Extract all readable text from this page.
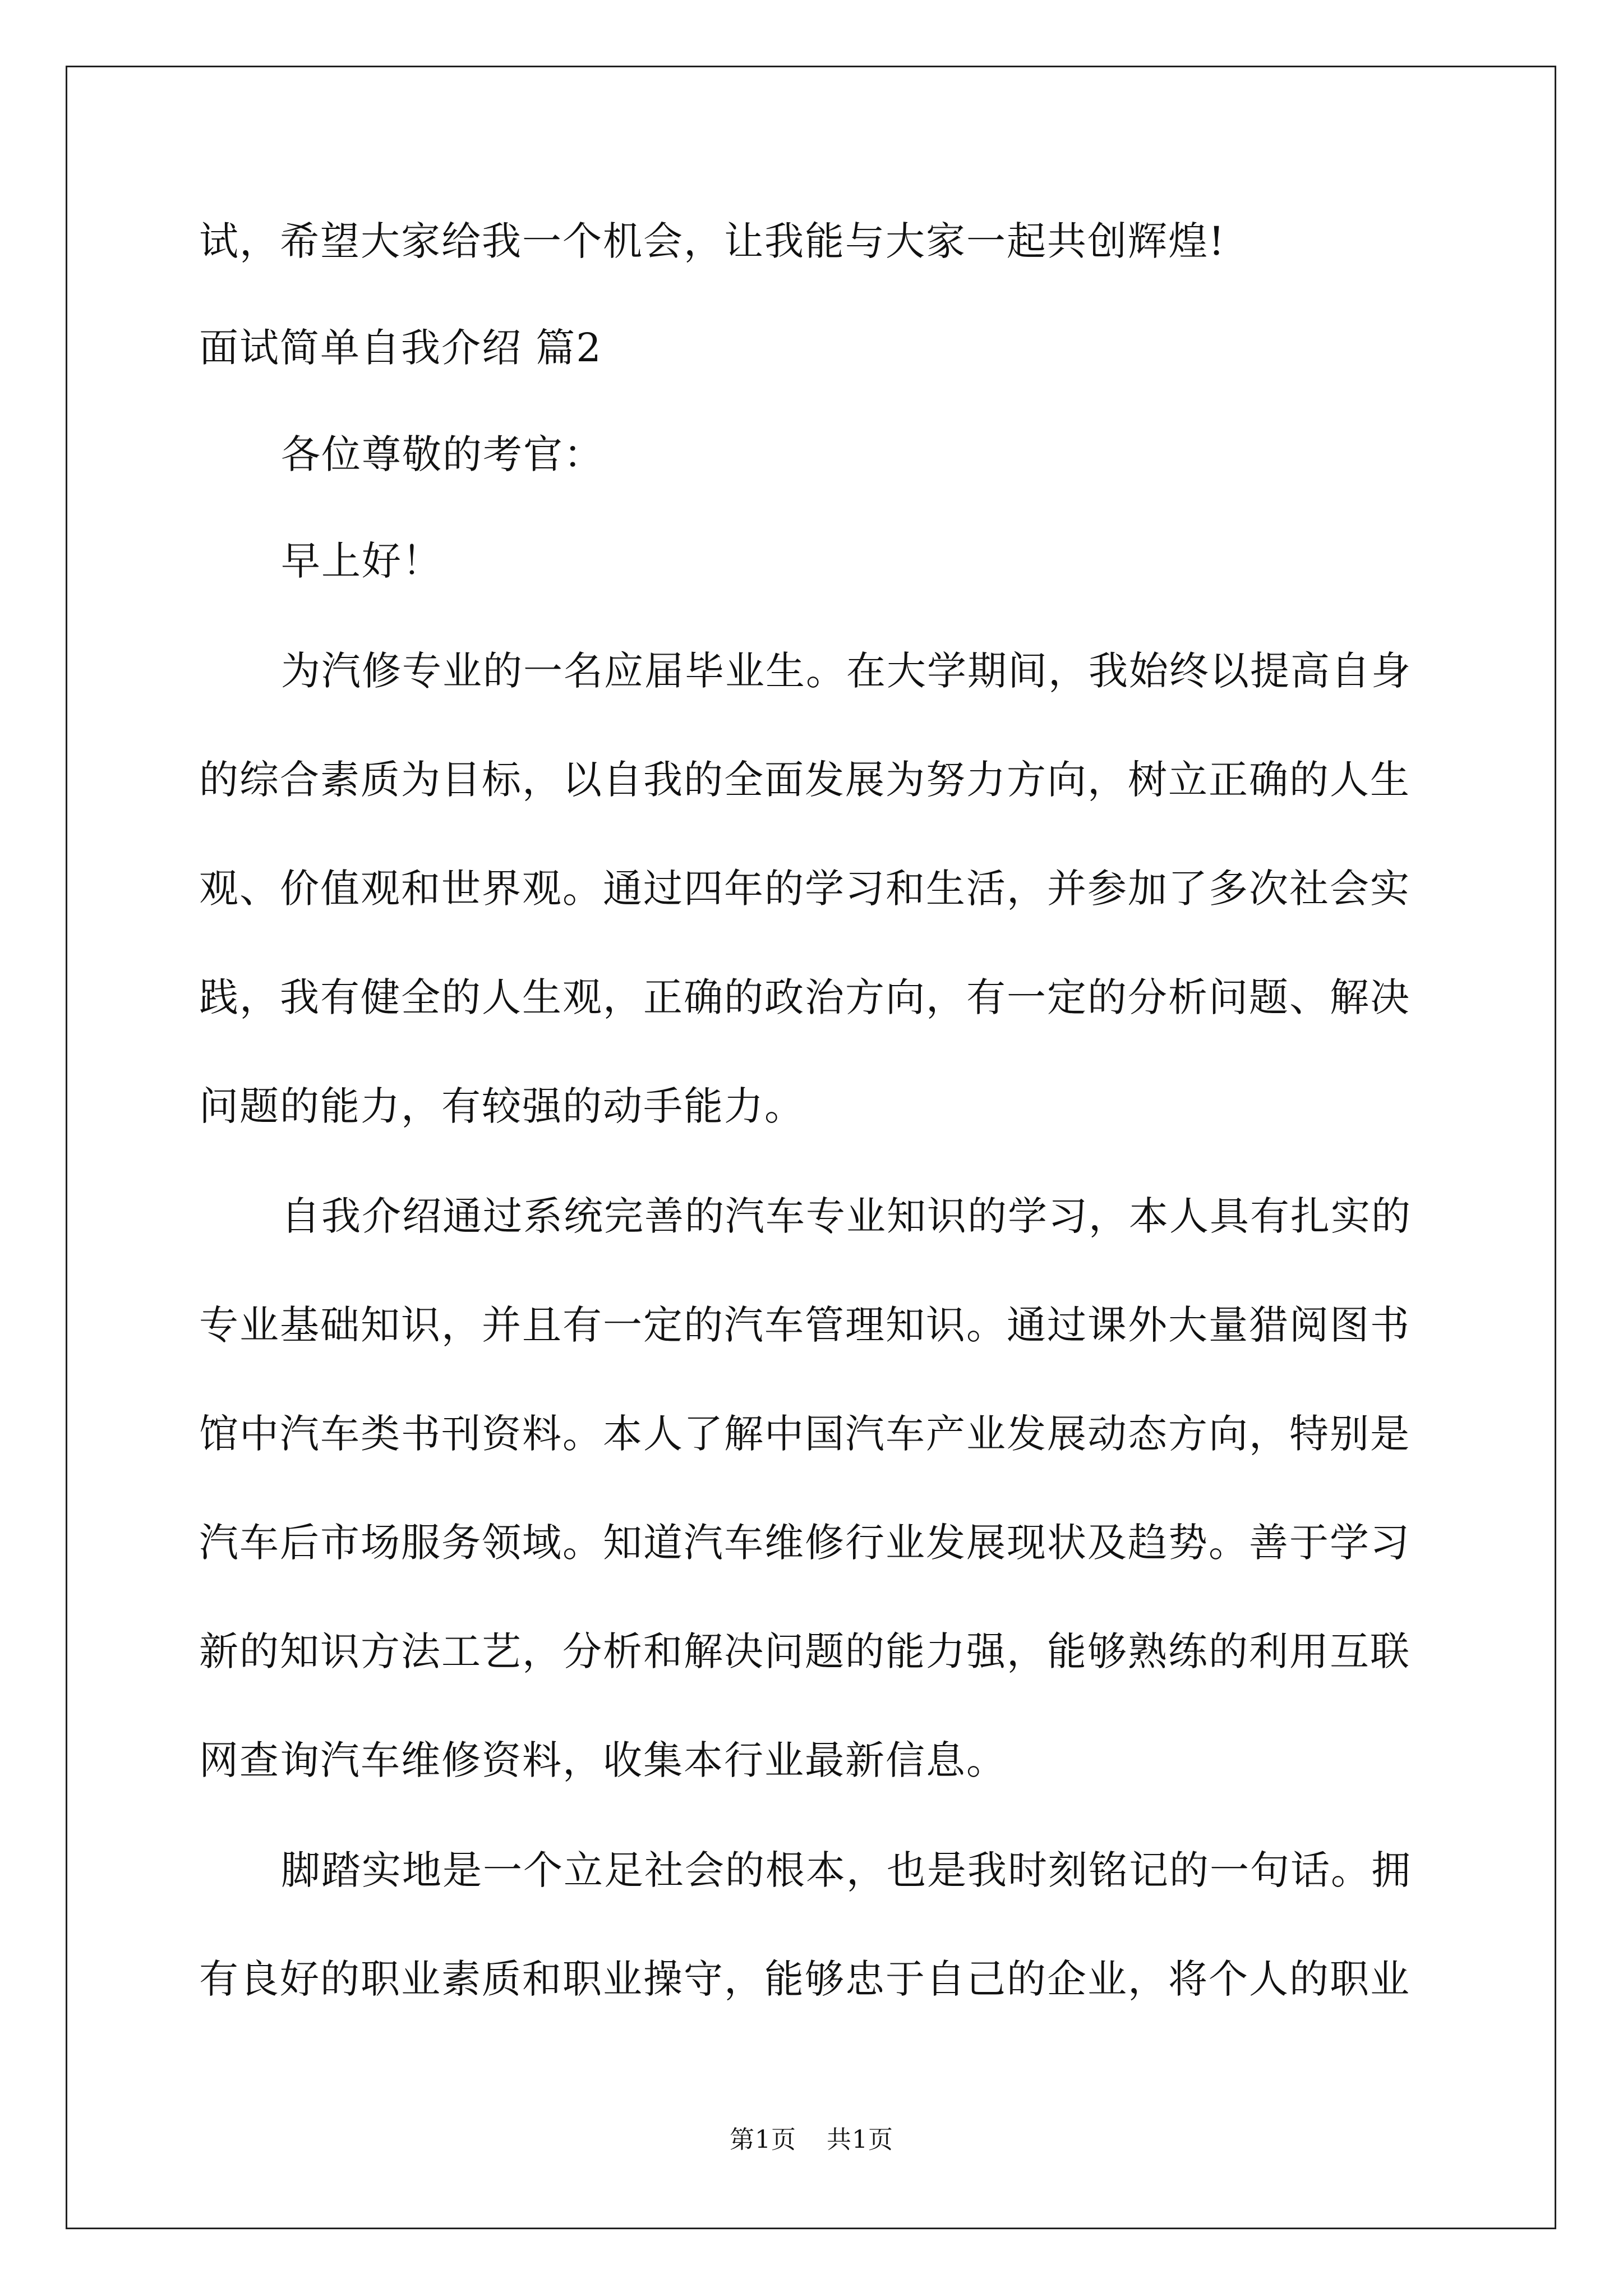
试，希望大家给我一个机会，让我能与大家一起共创辉煌!
面试简单自我介绍 篇2
各位尊敬的考官：
早上好！
为汽修专业的一名应届毕业生。在大学期间，我始终以提高自身
的综合素质为目标，以自我的全面发展为努力方向，树立正确的人生
观、价值观和世界观。通过四年的学习和生活，并参加了多次社会实
践，我有健全的人生观，正确的政治方向，有一定的分析问题、解决
问题的能力，有较强的动手能力。
自我介绍通过系统完善的汽车专业知识的学习，本人具有扎实的
专业基础知识，并且有一定的汽车管理知识。通过课外大量猎阅图书
馆中汽车类书刊资料。本人了解中国汽车产业发展动态方向，特别是
汽车后市场服务领域。知道汽车维修行业发展现状及趋势。善于学习
新的知识方法工艺，分析和解决问题的能力强，能够熟练的利用互联
网查询汽车维修资料，收集本行业最新信息。
脚踏实地是一个立足社会的根本，也是我时刻铭记的一句话。拥
有良好的职业素质和职业操守，能够忠于自己的企业，将个人的职业
第1页 共1页
